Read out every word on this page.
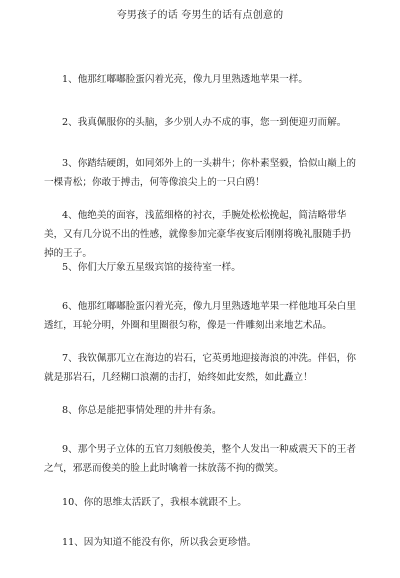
夸男孩子的话 夸男生的话有点创意的

1、他那红嘟嘟脸蛋闪着光亮，像九月里熟透地苹果一样。

2、我真佩服你的头脑，多少别人办不成的事，您一到便迎刃而解。

3、你踏结硬朗，如同郊外上的一头耕牛；你朴素坚毅，恰似山巅上的一棵青松；你敢于搏击，何等像浪尖上的一只白鸥！

4、他绝美的面容，浅蓝细格的衬衣，手腕处松松挽起，简洁略带华美，又有几分说不出的性感，就像参加完豪华夜宴后刚刚将晚礼服随手扔掉的王子。

5、你们大厅象五星级宾馆的接待室一样。

6、他那红嘟嘟脸蛋闪着光亮，像九月里熟透地苹果一样他地耳朵白里透红，耳轮分明，外圈和里圈很匀称，像是一件雕刻出来地艺术品。

7、我钦佩那兀立在海边的岩石，它英勇地迎接海浪的冲洗。伴侣，你就是那岩石，几经糊口浪潮的击打，始终如此安然，如此矗立！

8、你总是能把事情处理的井井有条。

9、那个男子立体的五官刀刻般俊美，整个人发出一种威震天下的王者之气，邪恶而俊美的脸上此时噙着一抹放荡不拘的微笑。

10、你的思维太活跃了，我根本就跟不上。

11、因为知道不能没有你，所以我会更珍惜。
